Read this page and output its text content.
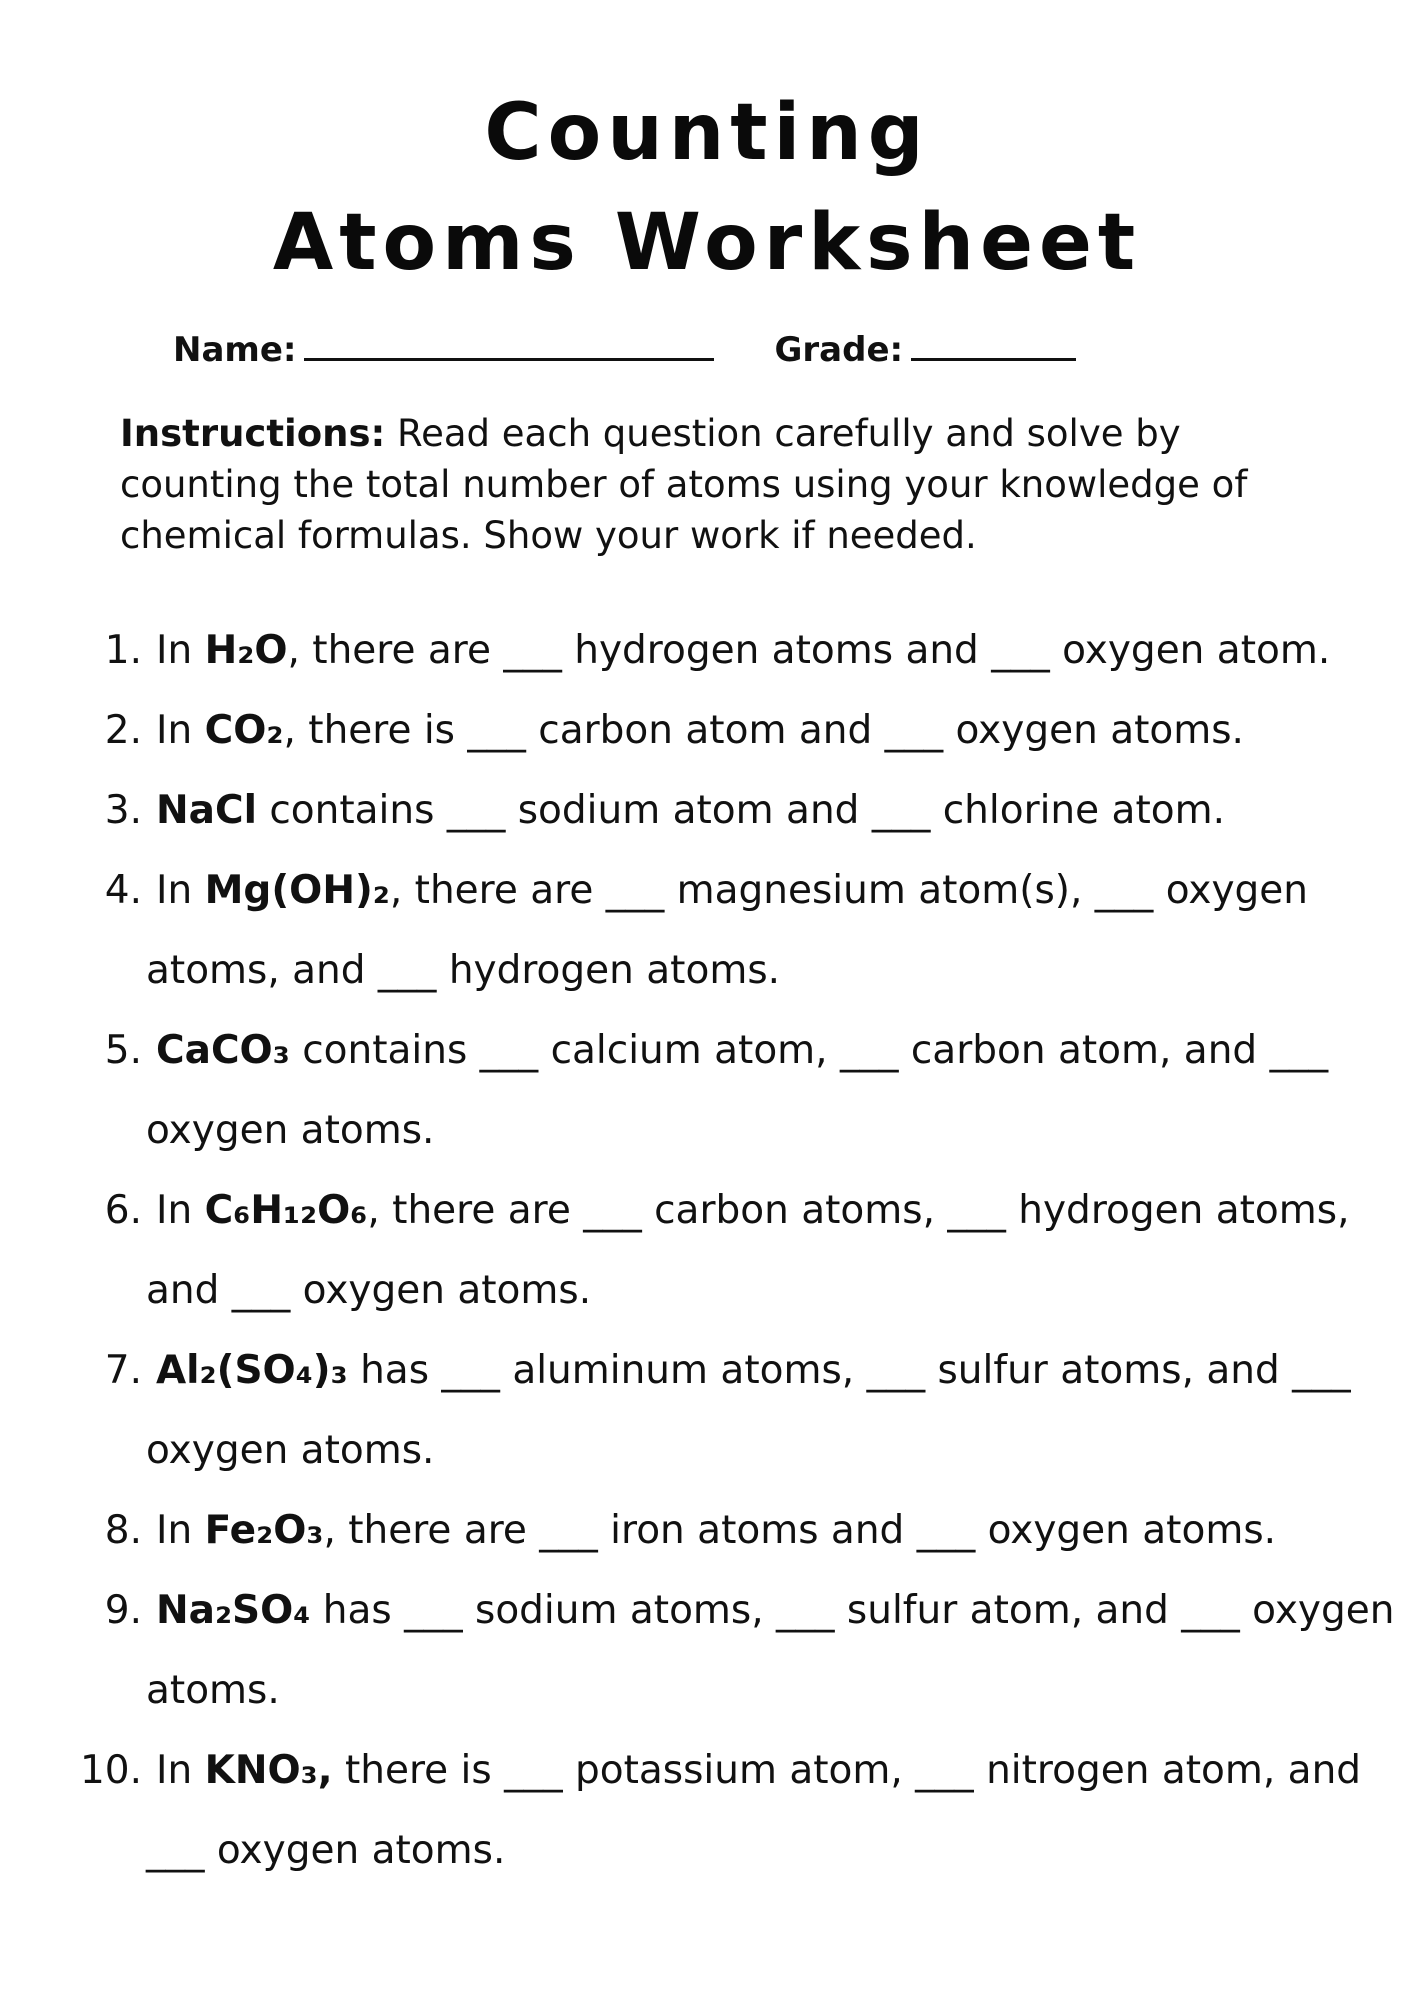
Counting
Atoms Worksheet
Name:	Grade:

Instructions: Read each question carefully and solve by counting the total number of atoms using your knowledge of chemical formulas. Show your work if needed.

1. In H₂O, there are ___ hydrogen atoms and ___ oxygen atom.
2. In CO₂, there is ___ carbon atom and ___ oxygen atoms.
3. NaCl contains ___ sodium atom and ___ chlorine atom.
4. In Mg(OH)₂, there are ___ magnesium atom(s), ___ oxygen
atoms, and ___ hydrogen atoms.
5. CaCO₃ contains ___ calcium atom, ___ carbon atom, and ___
oxygen atoms.
6. In C₆H₁₂O₆, there are ___ carbon atoms, ___ hydrogen atoms,
and ___ oxygen atoms.
7. Al₂(SO₄)₃ has ___ aluminum atoms, ___ sulfur atoms, and ___
oxygen atoms.
8. In Fe₂O₃, there are ___ iron atoms and ___ oxygen atoms.
9. Na₂SO₄ has ___ sodium atoms, ___ sulfur atom, and ___ oxygen
atoms.
10. In KNO₃, there is ___ potassium atom, ___ nitrogen atom, and
___ oxygen atoms.
